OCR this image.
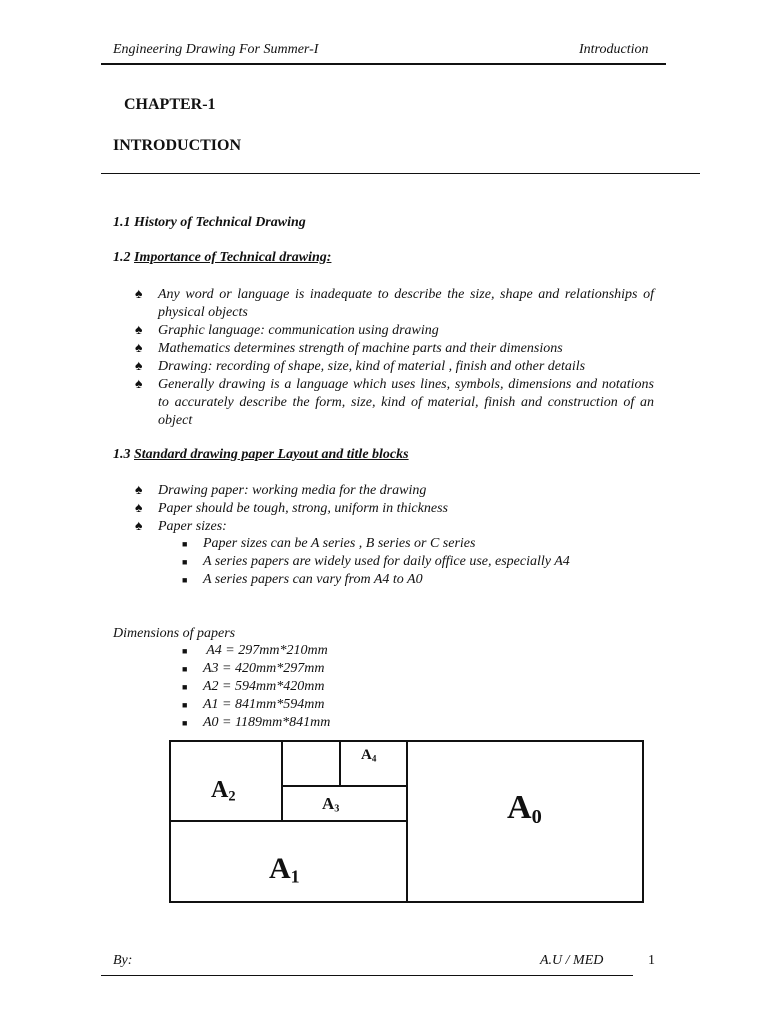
Engineering Drawing For Summer-I	Introduction
CHAPTER-1
INTRODUCTION
1.1 History of Technical Drawing
1.2 Importance of Technical drawing:
♠ Any word or language is inadequate to describe the size, shape and relationships of physical objects
♠ Graphic language: communication using drawing
♠ Mathematics determines strength of machine parts and their dimensions
♠ Drawing: recording of shape, size, kind of material , finish and other details
♠ Generally drawing is a language which uses lines, symbols, dimensions and notations to accurately describe the form, size, kind of material, finish and construction of an object
1.3 Standard drawing paper Layout and title blocks
♠ Drawing paper: working media for the drawing
♠ Paper should be tough, strong, uniform in thickness
♠ Paper sizes:
■ Paper sizes can be A series , B series or C series
■ A series papers are widely used for daily office use, especially A4
■ A series papers can vary from A4 to A0
Dimensions of papers
■ A4 = 297mm*210mm
■ A3 = 420mm*297mm
■ A2 = 594mm*420mm
■ A1 = 841mm*594mm
■ A0 = 1189mm*841mm
$A_0$
$A_1$
$A_2$	$A_3$
$A_4$
By:	A.U / MED	1
